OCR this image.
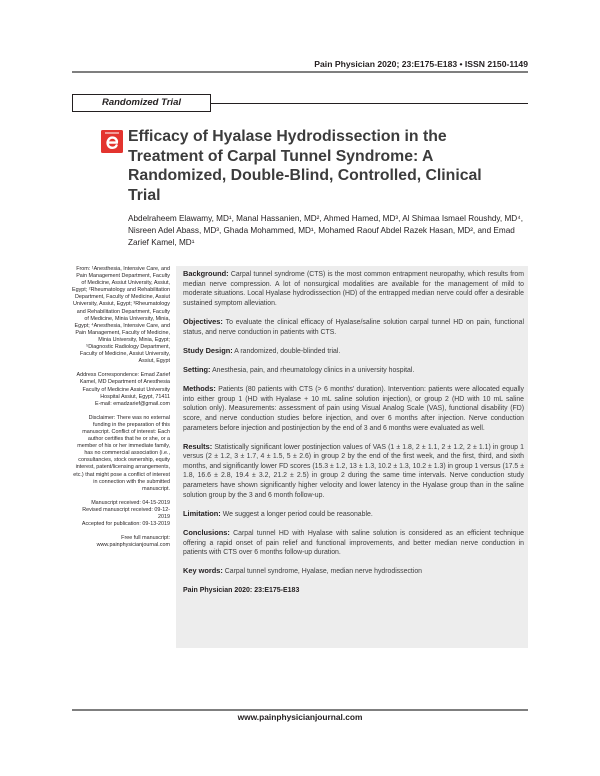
Pain Physician 2020; 23:E175-E183 • ISSN 2150-1149
Randomized Trial
Efficacy of Hyalase Hydrodissection in the Treatment of Carpal Tunnel Syndrome: A Randomized, Double-Blind, Controlled, Clinical Trial
Abdelraheem Elawamy, MD¹, Manal Hassanien, MD², Ahmed Hamed, MD³, Al Shimaa Ismael Roushdy, MD⁴, Nisreen Adel Abass, MD³, Ghada Mohammed, MD¹, Mohamed Raouf Abdel Razek Hasan, MD², and Emad Zarief Kamel, MD¹

From: ¹Anesthesia, Intensive Care, and Pain Management Department, Faculty of Medicine, Assiut University, Assiut, Egypt; ²Rheumatology and Rehabilitation Department, Faculty of Medicine, Assiut University, Assiut, Egypt; ³Rheumatology and Rehabilitation Department, Faculty of Medicine, Minia University, Minia, Egypt; ⁴Anesthesia, Intensive Care, and Pain Management, Faculty of Medicine, Minia University, Minia, Egypt; ⁵Diagnostic Radiology Department, Faculty of Medicine, Assiut University, Assiut, Egypt

Address Correspondence: Emad Zarief Kamel, MD Department of Anesthesia Faculty of Medicine Assiut University Hospital Assiut, Egypt, 71411

E-mail: emadzarief@gmail.com

Disclaimer: There was no external funding in the preparation of this manuscript. Conflict of interest: Each author certifies that he or she, or a member of his or her immediate family, has no commercial association (i.e., consultancies, stock ownership, equity interest, patent/licensing arrangements, etc.) that might pose a conflict of interest in connection with the submitted manuscript.

Manuscript received: 04-15-2019

Revised manuscript received: 09-12-2019

Accepted for publication: 09-13-2019

Free full manuscript: www.painphysicianjournal.com

Background: Carpal tunnel syndrome (CTS) is the most common entrapment neuropathy, which results from median nerve compression. A lot of nonsurgical modalities are available for the management of mild to moderate situations. Local Hyalase hydrodissection (HD) of the entrapped median nerve could offer a desirable sustained symptom alleviation.

Objectives: To evaluate the clinical efficacy of Hyalase/saline solution carpal tunnel HD on pain, functional status, and nerve conduction in patients with CTS.

Study Design: A randomized, double-blinded trial.

Setting: Anesthesia, pain, and rheumatology clinics in a university hospital.

Methods: Patients (80 patients with CTS (> 6 months' duration). Intervention: patients were allocated equally into either group 1 (HD with Hyalase + 10 mL saline solution injection), or group 2 (HD with 10 mL saline solution only). Measurements: assessment of pain using Visual Analog Scale (VAS), functional disability (FD) score, and nerve conduction studies before injection, and over 6 months after injection. Nerve conduction parameters before injection and postinjection by the end of 3 and 6 months were evaluated as well.

Results: Statistically significant lower postinjection values of VAS (1 ± 1.8, 2 ± 1.1, 2 ± 1.2, 2 ± 1.1) in group 1 versus (2 ± 1.2, 3 ± 1.7, 4 ± 1.5, 5 ± 2.6) in group 2 by the end of the first week, and the first, third, and sixth months, and significantly lower FD scores (15.3 ± 1.2, 13 ± 1.3, 10.2 ± 1.3, 10.2 ± 1.3) in group 1 versus (17.5 ± 1.8, 16.6 ± 2.8, 19.4 ± 3.2, 21.2 ± 2.5) in group 2 during the same time intervals. Nerve conduction study parameters have shown significantly higher velocity and lower latency in the Hyalase group than in the saline solution group by the 3 and 6 month follow-up.

Limitation: We suggest a longer period could be reasonable.

Conclusions: Carpal tunnel HD with Hyalase with saline solution is considered as an efficient technique offering a rapid onset of pain relief and functional improvements, and better median nerve conduction in patients with CTS over 6 months follow-up duration.

Key words: Carpal tunnel syndrome, Hyalase, median nerve hydrodissection

Pain Physician 2020: 23:E175-E183

www.painphysicianjournal.com
